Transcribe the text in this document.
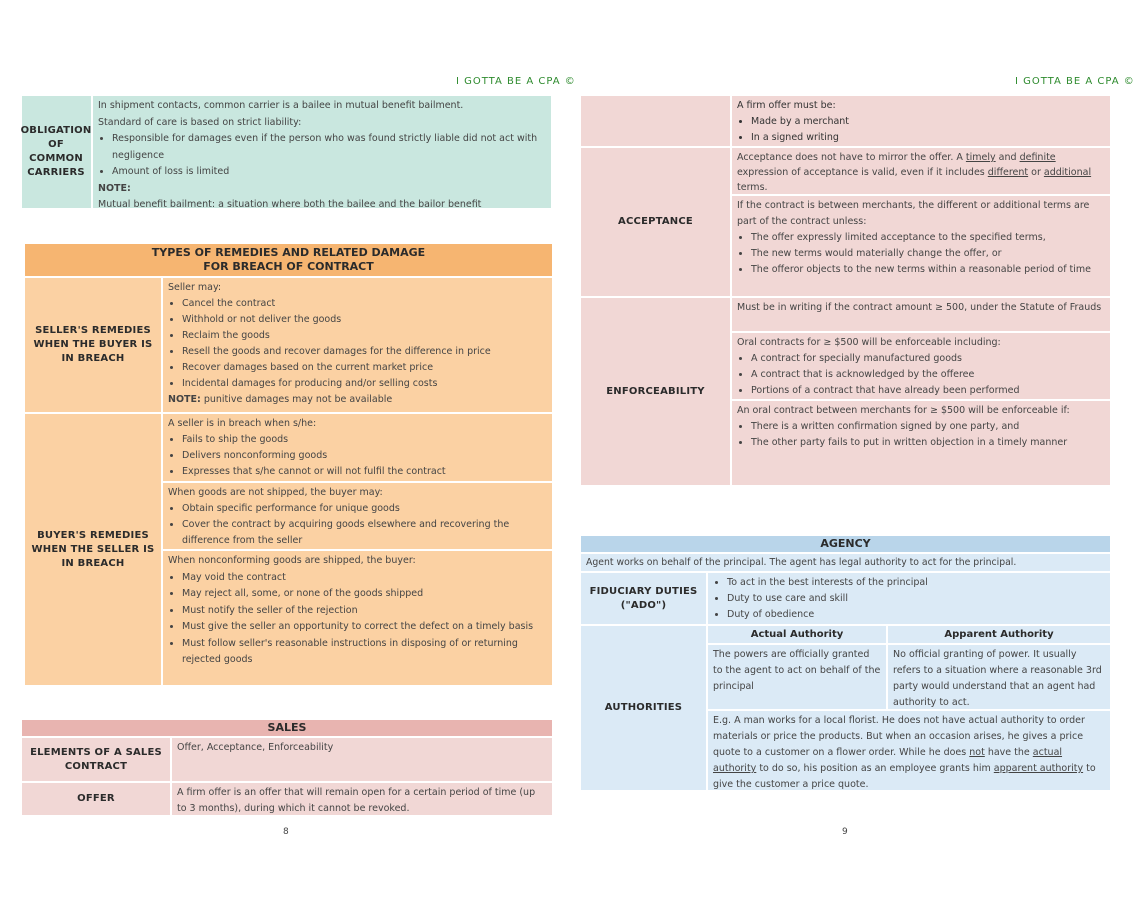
I GOTTA BE A CPA ©
OBLIGATION OF COMMON CARRIERS
In shipment contacts, common carrier is a bailee in mutual benefit bailment.
Standard of care is based on strict liability:
• Responsible for damages even if the person who was found strictly liable did not act with negligence
• Amount of loss is limited
NOTE:
Mutual benefit bailment: a situation where both the bailee and the bailor benefit
TYPES OF REMEDIES AND RELATED DAMAGE FOR BREACH OF CONTRACT
SELLER'S REMEDIES WHEN THE BUYER IS IN BREACH
Seller may:
• Cancel the contract
• Withhold or not deliver the goods
• Reclaim the goods
• Resell the goods and recover damages for the difference in price
• Recover damages based on the current market price
• Incidental damages for producing and/or selling costs
NOTE: punitive damages may not be available
BUYER'S REMEDIES WHEN THE SELLER IS IN BREACH
A seller is in breach when s/he:
• Fails to ship the goods
• Delivers nonconforming goods
• Expresses that s/he cannot or will not fulfil the contract
When goods are not shipped, the buyer may:
• Obtain specific performance for unique goods
• Cover the contract by acquiring goods elsewhere and recovering the difference from the seller
When nonconforming goods are shipped, the buyer:
• May void the contract
• May reject all, some, or none of the goods shipped
• Must notify the seller of the rejection
• Must give the seller an opportunity to correct the defect on a timely basis
• Must follow seller's reasonable instructions in disposing of or returning rejected goods
SALES
ELEMENTS OF A SALES CONTRACT
Offer, Acceptance, Enforceability
OFFER
A firm offer is an offer that will remain open for a certain period of time (up to 3 months), during which it cannot be revoked.
8
I GOTTA BE A CPA ©
A firm offer must be:
• Made by a merchant
• In a signed writing
ACCEPTANCE
Acceptance does not have to mirror the offer. A timely and definite expression of acceptance is valid, even if it includes different or additional terms.
If the contract is between merchants, the different or additional terms are part of the contract unless:
• The offer expressly limited acceptance to the specified terms,
• The new terms would materially change the offer, or
• The offeror objects to the new terms within a reasonable period of time
ENFORCEABILITY
Must be in writing if the contract amount ≥ 500, under the Statute of Frauds
Oral contracts for ≥ $500 will be enforceable including:
• A contract for specially manufactured goods
• A contract that is acknowledged by the offeree
• Portions of a contract that have already been performed
An oral contract between merchants for ≥ $500 will be enforceable if:
• There is a written confirmation signed by one party, and
• The other party fails to put in written objection in a timely manner
AGENCY
Agent works on behalf of the principal. The agent has legal authority to act for the principal.
FIDUCIARY DUTIES ("ADO")
• To act in the best interests of the principal
• Duty to use care and skill
• Duty of obedience
AUTHORITIES
Actual Authority	Apparent Authority
The powers are officially granted to the agent to act on behalf of the principal
No official granting of power. It usually refers to a situation where a reasonable 3rd party would understand that an agent had authority to act.
E.g. A man works for a local florist. He does not have actual authority to order materials or price the products. But when an occasion arises, he gives a price quote to a customer on a flower order. While he does not have the actual authority to do so, his position as an employee grants him apparent authority to give the customer a price quote.
9
